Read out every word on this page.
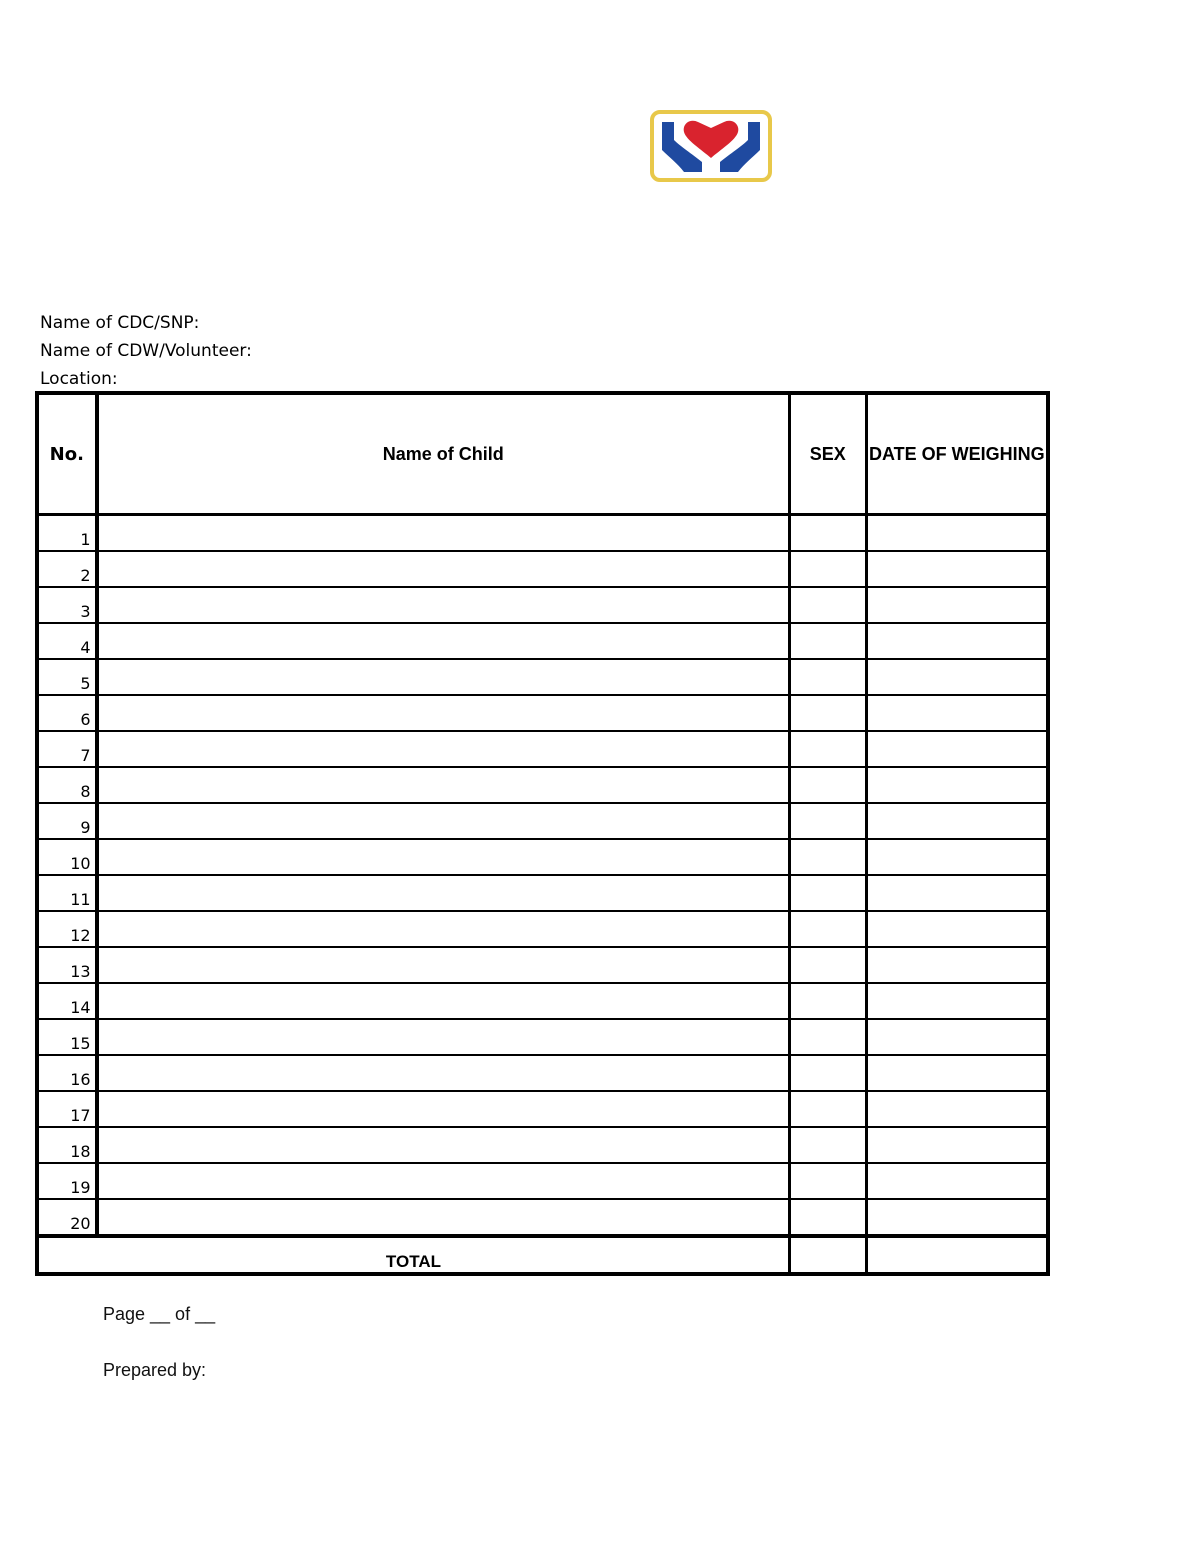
Name of CDC/SNP:
Name of CDW/Volunteer:
Location:
No.	Name of Child	SEX	DATE OF WEIGHING
1			
2			
3			
4			
5			
6			
7			
8			
9			
10			
11			
12			
13			
14			
15			
16			
17			
18			
19			
20			
TOTAL			
Page __ of __
Prepared by:
